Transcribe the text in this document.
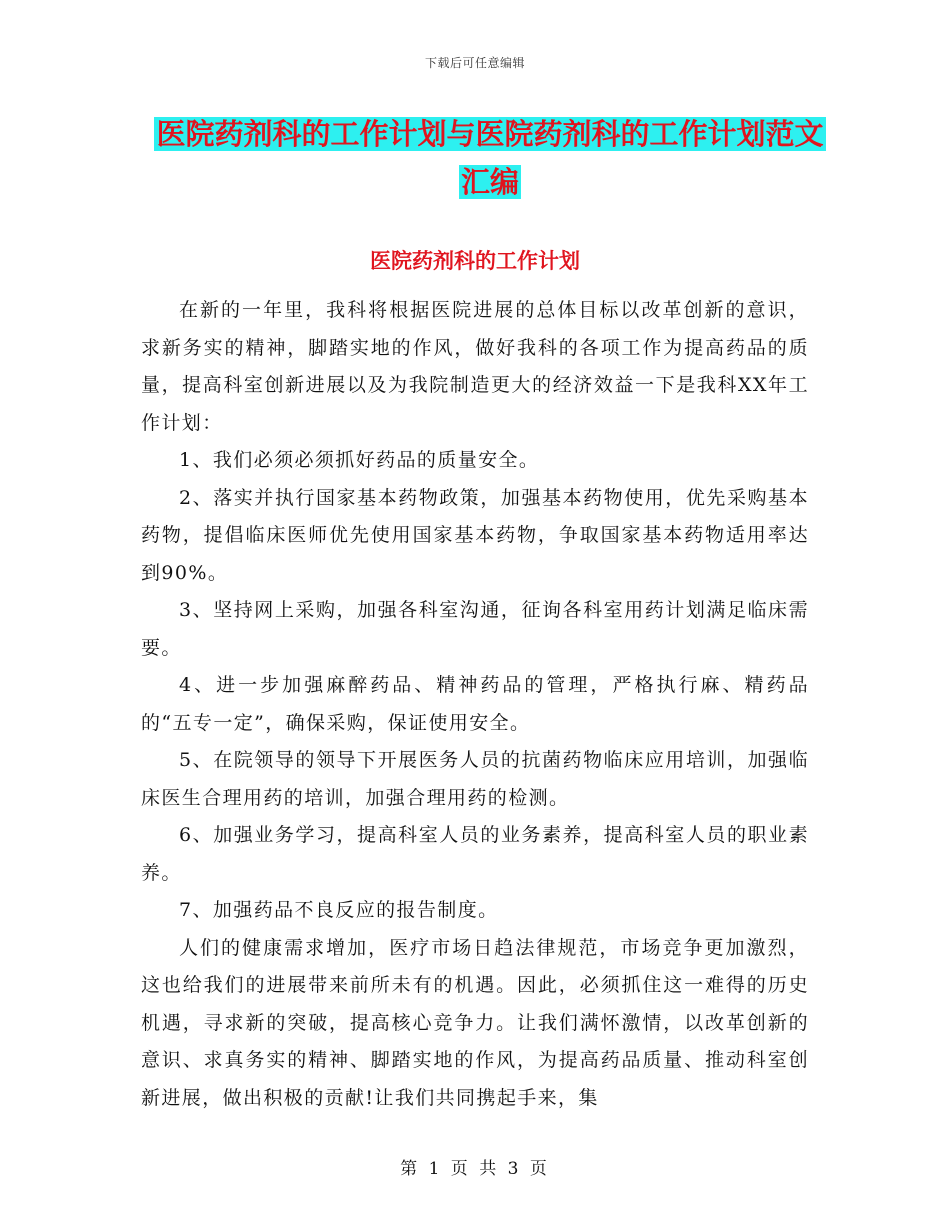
下载后可任意编辑
医院药剂科的工作计划与医院药剂科的工作计划范文
汇编
医院药剂科的工作计划

在新的一年里，我科将根据医院进展的总体目标以改革创新的意识，求新务实的精神，脚踏实地的作风，做好我科的各项工作为提高药品的质量，提高科室创新进展以及为我院制造更大的经济效益一下是我科XX年工作计划：

1、我们必须必须抓好药品的质量安全。

2、落实并执行国家基本药物政策，加强基本药物使用，优先采购基本药物，提倡临床医师优先使用国家基本药物，争取国家基本药物适用率达到90%。

3、坚持网上采购，加强各科室沟通，征询各科室用药计划满足临床需要。

4、进一步加强麻醉药品、精神药品的管理，严格执行麻、精药品的“五专一定”，确保采购，保证使用安全。

5、在院领导的领导下开展医务人员的抗菌药物临床应用培训，加强临床医生合理用药的培训，加强合理用药的检测。

6、加强业务学习，提高科室人员的业务素养，提高科室人员的职业素养。

7、加强药品不良反应的报告制度。

人们的健康需求增加，医疗市场日趋法律规范，市场竞争更加激烈，这也给我们的进展带来前所未有的机遇。因此，必须抓住这一难得的历史机遇，寻求新的突破，提高核心竞争力。让我们满怀激情，以改革创新的意识、求真务实的精神、脚踏实地的作风，为提高药品质量、推动科室创新进展，做出积极的贡献!让我们共同携起手来，集

第 1 页 共 3 页
